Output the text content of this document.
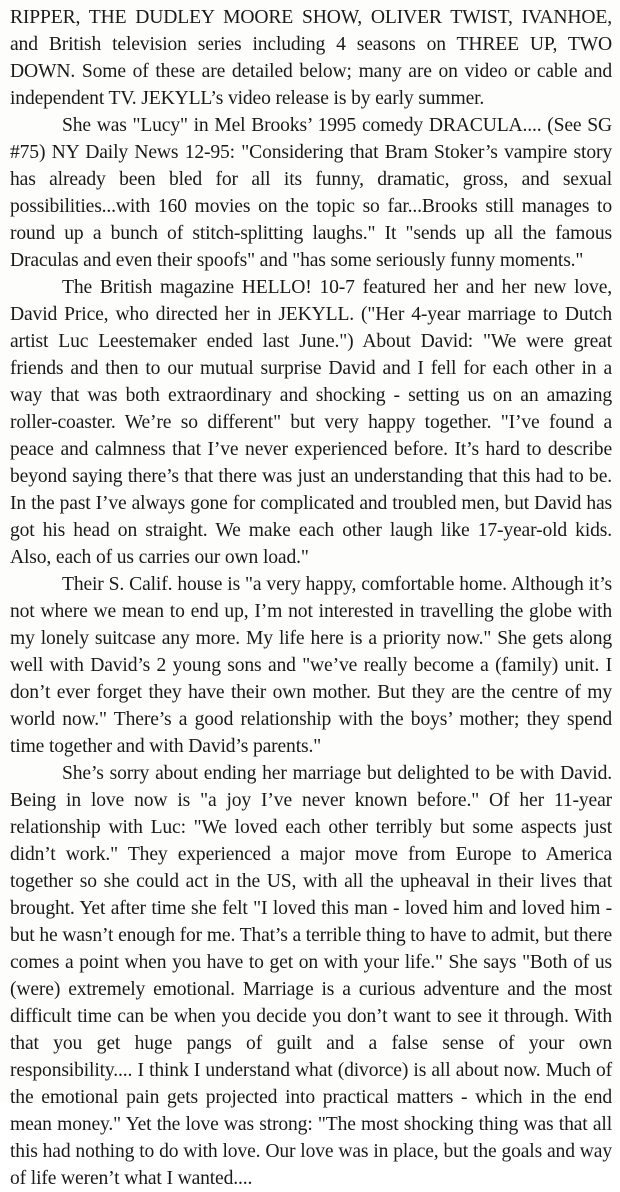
RIPPER, THE DUDLEY MOORE SHOW, OLIVER TWIST, IVANHOE, and British television series including 4 seasons on THREE UP, TWO DOWN. Some of these are detailed below; many are on video or cable and independent TV. JEKYLL’s video release is by early summer.

She was "Lucy" in Mel Brooks’ 1995 comedy DRACULA.... (See SG #75) NY Daily News 12-95: "Considering that Bram Stoker’s vampire story has already been bled for all its funny, dramatic, gross, and sexual possibilities...with 160 movies on the topic so far...Brooks still manages to round up a bunch of stitch-splitting laughs." It "sends up all the famous Draculas and even their spoofs" and "has some seriously funny moments."

The British magazine HELLO! 10-7 featured her and her new love, David Price, who directed her in JEKYLL. ("Her 4-year marriage to Dutch artist Luc Leestemaker ended last June.") About David: "We were great friends and then to our mutual surprise David and I fell for each other in a way that was both extraordinary and shocking - setting us on an amazing roller-coaster. We’re so different" but very happy together. "I’ve found a peace and calmness that I’ve never experienced before. It’s hard to describe beyond saying there’s that there was just an understanding that this had to be. In the past I’ve always gone for complicated and troubled men, but David has got his head on straight. We make each other laugh like 17-year-old kids. Also, each of us carries our own load."

Their S. Calif. house is "a very happy, comfortable home. Although it’s not where we mean to end up, I’m not interested in travelling the globe with my lonely suitcase any more. My life here is a priority now." She gets along well with David’s 2 young sons and "we’ve really become a (family) unit. I don’t ever forget they have their own mother. But they are the centre of my world now." There’s a good relationship with the boys’ mother; they spend time together and with David’s parents."

She’s sorry about ending her marriage but delighted to be with David. Being in love now is "a joy I’ve never known before." Of her 11-year relationship with Luc: "We loved each other terribly but some aspects just didn’t work." They experienced a major move from Europe to America together so she could act in the US, with all the upheaval in their lives that brought. Yet after time she felt "I loved this man - loved him and loved him - but he wasn’t enough for me. That’s a terrible thing to have to admit, but there comes a point when you have to get on with your life." She says "Both of us (were) extremely emotional. Marriage is a curious adventure and the most difficult time can be when you decide you don’t want to see it through. With that you get huge pangs of guilt and a false sense of your own responsibility.... I think I understand what (divorce) is all about now. Much of the emotional pain gets projected into practical matters - which in the end mean money." Yet the love was strong: "The most shocking thing was that all this had nothing to do with love. Our love was in place, but the goals and way of life weren’t what I wanted....
